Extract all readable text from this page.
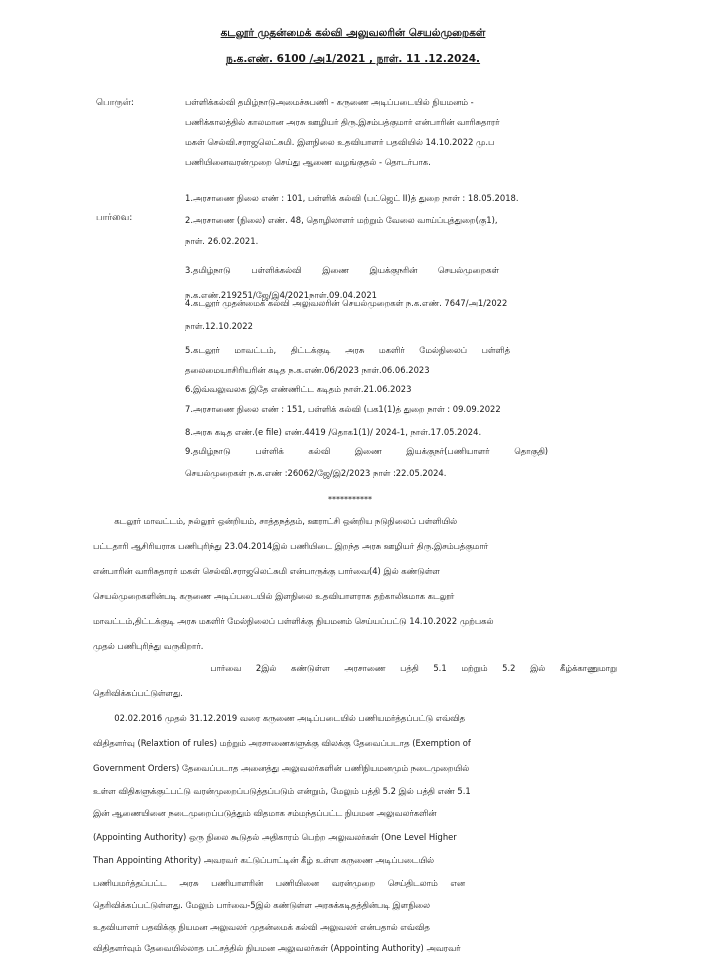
கடலூர் முதன்மைக் கல்வி அலுவலரின் செயல்முறைகள்
ந.க.எண். 6100 /அ1/2021 , நாள். 11 .12.2024.
பொருள்:	பள்ளிக்கல்வி தமிழ்நாடுஅமைச்சுபணி - கருணை அடிப்படையில் நியமனம் -
பணிக்காலத்தில் காலமான அரசு ஊழியர் திரு.இசம்பத்குமார் என்பாரின் வாரிசுதாரர்
மகள் செல்வி.சராஜலெட்சுமி. இளநிலை உதவியாளர் பதவியில் 14.10.2022 மு.ப
பணியினைவரன்முறை செய்து ஆணை வழங்குதல் - தொடர்பாக.
பார்வை:
1.அரசாணை நிலை எண் : 101, பள்ளிக் கல்வி (பட்ஜெட் II)த் துறை நாள் : 18.05.2018.
2.அரசாணை (நிலை) எண். 48, தொழிலாளர் மற்றும் வேலை வாய்ப்புத்துறை(கு1),
நாள். 26.02.2021.
3.தமிழ்நாடு பள்ளிக்கல்வி இணை இயக்குநரின் செயல்முறைகள்
ந.க.எண்.219251/ஜே/இ4/2021நாள்.09.04.2021
4.கடலூர் முதன்மைக் கல்வி அலுவலரின் செயல்முறைகள் ந.க.எண். 7647/அ1/2022
நாள்.12.10.2022
5.கடலூர் மாவட்டம், திட்டக்குடி அரசு மகளிர் மேல்நிலைப் பள்ளித்
தலைமையாசிரியரின் கடித ந.க.எண்.06/2023 நாள்.06.06.2023
6.இவ்வலுவலக இதே எண்ணிட்ட கடிதம் நாள்.21.06.2023
7.அரசாணை நிலை எண் : 151, பள்ளிக் கல்வி (பக1(1)த் துறை நாள் : 09.09.2022
8.அரசு கடித எண்.(e file) எண்.4419 /தொக1(1)/ 2024-1, நாள்.17.05.2024.
9.தமிழ்நாடு பள்ளிக் கல்வி இணை இயக்குநர்(பணியாளர் தொகுதி)
செயல்முறைகள் ந.க.எண் :26062/ஜே/இ2/2023 நாள் :22.05.2024.
***********
கடலூர் மாவட்டம், நல்லூர் ஒன்றியம், சாத்தநத்தம், ஊராட்சி ஒன்றிய நடுநிலைப் பள்ளியில்
பட்டதாரி ஆசிரியராக பணிபுரிந்து 23.04.2014இல் பணியிடை இறந்த அரசு ஊழியர் திரு.இசம்பத்குமார்
என்பாரின் வாரிசுதாரர் மகள் செல்வி.சராஜலெட்சுமி என்பாருக்கு பார்வை(4) இல் கண்டுள்ள
செயல்முறைகளின்படி கருணை அடிப்படையில் இளநிலை உதவியாளராக தற்காலிகமாக கடலூர்
மாவட்டம்,திட்டக்குடி அரசு மகளிர் மேல்நிலைப் பள்ளிக்கு நியமனம் செய்யப்பட்டு 14.10.2022 முற்பகல்
முதல் பணிபுரிந்து வருகிறார்.
பார்வை 2இல் கண்டுள்ள அரசாணை பத்தி 5.1 மற்றும் 5.2 இல் கீழ்க்காணுமாறு
தெரிவிக்கப்பட்டுள்ளது.
02.02.2016 முதல் 31.12.2019 வரை கருணை அடிப்படையில் பணியமர்த்தப்பட்டு எவ்வித
விதிதளர்வு (Relaxtion of rules) மற்றும் அரசாணைகளுக்கு விலக்கு தேவைப்படாத (Exemption of
Government Orders) தேவைப்படாத அனைத்து அலுவலர்களின் பணிநியமனமும் நடைமுறையில்
உள்ள விதிகளுக்குட்பட்டு வரன்முறைப்படுத்தப்படும் என்றும், மேலும் பத்தி 5.2 இல் பத்தி எண் 5.1
இன் ஆணையினை நடைமுறைப்படுத்தும் விதமாக சம்மந்தப்பட்ட நியமன அலுவலர்களின்
(Appointing Authority) ஒரு நிலை கூடுதல் அதிகாரம் பெற்ற அலுவலர்கள் (One Level Higher
Than Appointing Athority) அவரவர் கட்டுப்பாட்டின் கீழ் உள்ள கருணை அடிப்படையில்
பணியமர்த்தப்பட்ட அரசு பணியாளரின் பணியினை வரன்முறை செய்திடலாம் என
தெரிவிக்கப்பட்டுள்ளது. மேலும் பார்வை-5இல் கண்டுள்ள அரசுக்கடிதத்தின்படி இளநிலை
உதவியாளர் பதவிக்கு நியமன அலுவலர் முதன்மைக் கல்வி அலுவலர் என்பதால் எவ்வித
விதிதளர்வும் தேவையில்லாத பட்சத்தில் நியமன அலுவலர்கள் (Appointing Authority) அவரவர்
